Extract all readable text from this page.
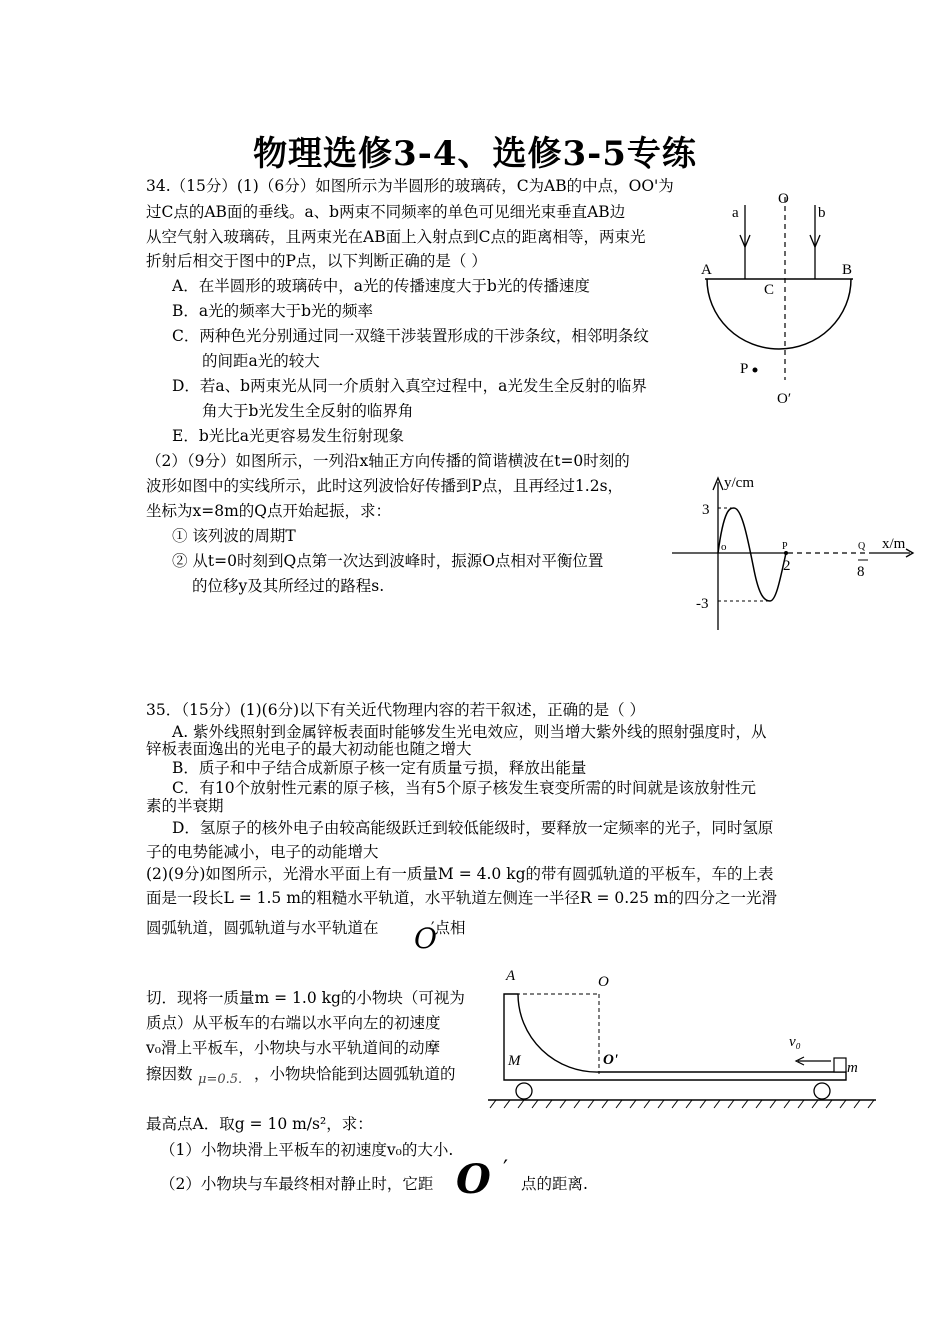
物理选修3-4、选修3-5专练
34.（15分）(1)（6分）如图所示为半圆形的玻璃砖，C为AB的中点，OO'为
过C点的AB面的垂线。a、b两束不同频率的单色可见细光束垂直AB边
从空气射入玻璃砖，且两束光在AB面上入射点到C点的距离相等，两束光
折射后相交于图中的P点，以下判断正确的是（ ）
A．在半圆形的玻璃砖中，a光的传播速度大于b光的传播速度
B．a光的频率大于b光的频率
C．两种色光分别通过同一双缝干涉装置形成的干涉条纹，相邻明条纹
的间距a光的较大
D．若a、b两束光从同一介质射入真空过程中，a光发生全反射的临界
角大于b光发生全反射的临界角
E．b光比a光更容易发生衍射现象
（2）（9分）如图所示，一列沿x轴正方向传播的简谐横波在t=0时刻的
波形如图中的实线所示，此时这列波恰好传播到P点，且再经过1.2s，
坐标为x=8m的Q点开始起振，求：
① 该列波的周期T
② 从t=0时刻到Q点第一次达到波峰时，振源O点相对平衡位置
的位移y及其所经过的路程s.
O
O′
A	B
C
a	b
P
y/cm
x/m
3
-3
o	P
2
Q
8
35．（15分）(1)(6分)以下有关近代物理内容的若干叙述，正确的是（ ）
A. 紫外线照射到金属锌板表面时能够发生光电效应，则当增大紫外线的照射强度时，从
锌板表面逸出的光电子的最大初动能也随之增大
B．质子和中子结合成新原子核一定有质量亏损，释放出能量
C．有10个放射性元素的原子核，当有5个原子核发生衰变所需的时间就是该放射性元
素的半衰期
D．氢原子的核外电子由较高能级跃迁到较低能级时，要释放一定频率的光子，同时氢原
子的电势能减小，电子的动能增大
(2)(9分)如图所示，光滑水平面上有一质量M = 4.0 kg的带有圆弧轨道的平板车，车的上表
面是一段长L = 1.5 m的粗糙水平轨道，水平轨道左侧连一半径R = 0.25 m的四分之一光滑
圆弧轨道，圆弧轨道与水平轨道在 O
′点相
切．现将一质量m = 1.0 kg的小物块（可视为
质点）从平板车的右端以水平向左的初速度
v₀滑上平板车，小物块与水平轨道间的动摩
擦因数 μ=0.5. ，小物块恰能到达圆弧轨道的
最高点A．取g = 10 m/s²，求：
（1）小物块滑上平板车的初速度v₀的大小.
（2）小物块与车最终相对静止时，它距 O ′
点的距离.
A	O
M	O'	m
v₀
